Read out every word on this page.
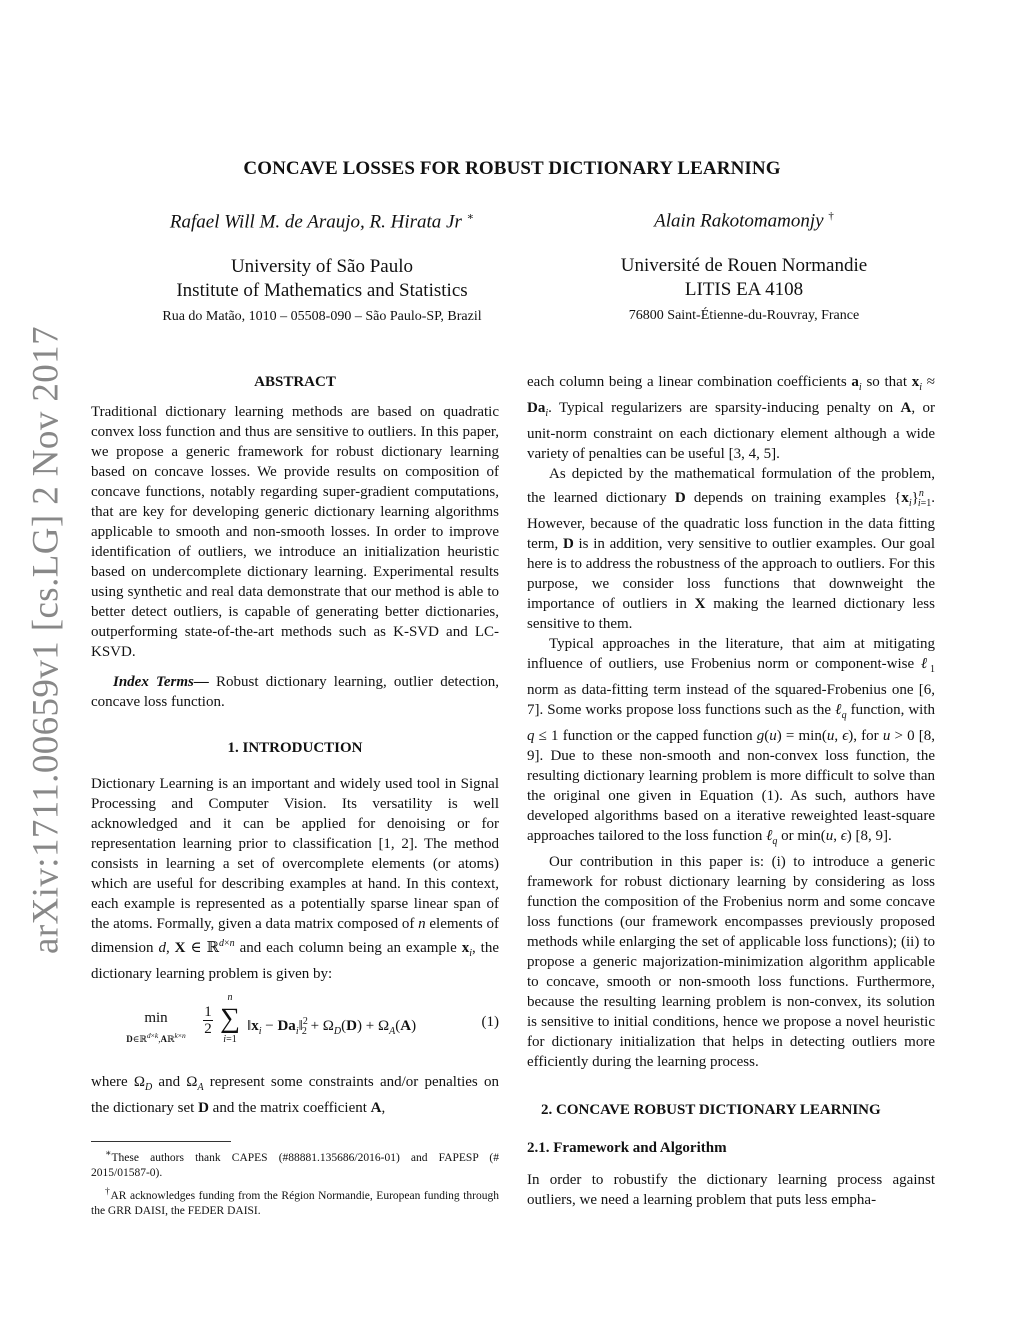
arXiv:1711.00659v1 [cs.LG] 2 Nov 2017
CONCAVE LOSSES FOR ROBUST DICTIONARY LEARNING
Rafael Will M. de Araujo, R. Hirata Jr ∗
University of São Paulo
Institute of Mathematics and Statistics
Rua do Matão, 1010 – 05508-090 – São Paulo-SP, Brazil
Alain Rakotomamonjy †
Université de Rouen Normandie
LITIS EA 4108
76800 Saint-Étienne-du-Rouvray, France
ABSTRACT

Traditional dictionary learning methods are based on quadratic convex loss function and thus are sensitive to outliers. In this paper, we propose a generic framework for robust dictionary learning based on concave losses. We provide results on composition of concave functions, notably regarding super-gradient computations, that are key for developing generic dictionary learning algorithms applicable to smooth and non-smooth losses. In order to improve identification of outliers, we introduce an initialization heuristic based on undercomplete dictionary learning. Experimental results using synthetic and real data demonstrate that our method is able to better detect outliers, is capable of generating better dictionaries, outperforming state-of-the-art methods such as K-SVD and LC-KSVD.

Index Terms— Robust dictionary learning, outlier detection, concave loss function.

1. INTRODUCTION

Dictionary Learning is an important and widely used tool in Signal Processing and Computer Vision. Its versatility is well acknowledged and it can be applied for denoising or for representation learning prior to classification [1, 2]. The method consists in learning a set of overcomplete elements (or atoms) which are useful for describing examples at hand. In this context, each example is represented as a potentially sparse linear span of the atoms. Formally, given a data matrix composed of n elements of dimension d, X ∈ ℝ$^{d\times n}$ and each column being an example $x_i$, the dictionary learning problem is given by:

min
D∈ℝ$^{d\times k}$,Aℝ$^{k\times n}$
1
2
n
∑
i=1
$‖x_i$ − $Da_i‖^2_2 + \Omega_D(D) + \Omega_A(A)$	(1)

where $\Omega_D$ and $\Omega_A$ represent some constraints and/or penalties on the dictionary set D and the matrix coefficient A,

∗These authors thank CAPES (#88881.135686/2016-01) and FAPESP (# 2015/01587-0).

†AR acknowledges funding from the Région Normandie, European funding through the GRR DAISI, the FEDER DAISI.

each column being a linear combination coefficients $a_i$ so that $x_i \approx Da_i$. Typical regularizers are sparsity-inducing penalty on A, or unit-norm constraint on each dictionary element although a wide variety of penalties can be useful [3, 4, 5].

As depicted by the mathematical formulation of the problem, the learned dictionary D depends on training examples $\{x_i\}^n_{i=1}$. However, because of the quadratic loss function in the data fitting term, D is in addition, very sensitive to outlier examples. Our goal here is to address the robustness of the approach to outliers. For this purpose, we consider loss functions that downweight the importance of outliers in X making the learned dictionary less sensitive to them.

Typical approaches in the literature, that aim at mitigating influence of outliers, use Frobenius norm or component-wise ℓ$_1$ norm as data-fitting term instead of the squared-Frobenius one [6, 7]. Some works propose loss functions such as the ℓ$_q$ function, with q ≤ 1 function or the capped function g(u) = min(u, ϵ), for u > 0 [8, 9]. Due to these non-smooth and non-convex loss function, the resulting dictionary learning problem is more difficult to solve than the original one given in Equation (1). As such, authors have developed algorithms based on a iterative reweighted least-square approaches tailored to the loss function ℓ$_q$ or min(u, ϵ) [8, 9].

Our contribution in this paper is: (i) to introduce a generic framework for robust dictionary learning by considering as loss function the composition of the Frobenius norm and some concave loss functions (our framework encompasses previously proposed methods while enlarging the set of applicable loss functions); (ii) to propose a generic majorization-minimization algorithm applicable to concave, smooth or non-smooth loss functions. Furthermore, because the resulting learning problem is non-convex, its solution is sensitive to initial conditions, hence we propose a novel heuristic for dictionary initialization that helps in detecting outliers more efficiently during the learning process.

2. CONCAVE ROBUST DICTIONARY LEARNING
2.1. Framework and Algorithm

In order to robustify the dictionary learning process against outliers, we need a learning problem that puts less empha-
